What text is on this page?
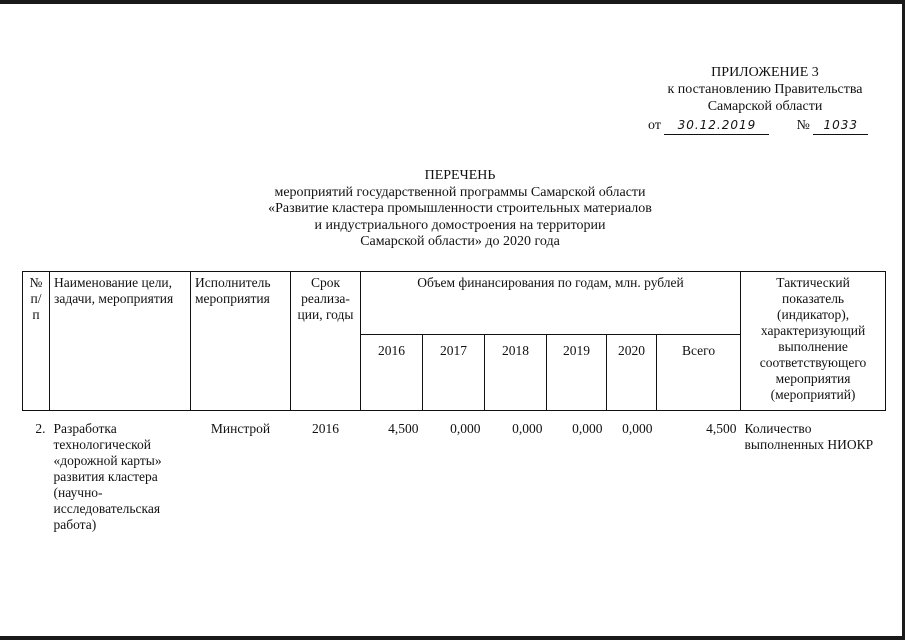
ПРИЛОЖЕНИЕ 3
к постановлению Правительства
Самарской области
от 30.12.2019	№ 1033
ПЕРЕЧЕНЬ
мероприятий государственной программы Самарской области
«Развитие кластера промышленности строительных материалов
и индустриального домостроения на территории
Самарской области» до 2020 года
№ п/п	Наименование цели, задачи, мероприятия	Исполнитель мероприятия	Срок реализа-ции, годы	Объем финансирования по годам, млн. рублей						Тактический показатель (индикатор), характеризующий выполнение соответствующего мероприятия (мероприятий)
				2016	2017	2018	2019	2020	Всего	
2.	Разработка технологической «дорожной карты» развития кластера (научно-исследовательская работа)	Минстрой	2016	4,500	0,000	0,000	0,000	0,000	4,500	Количество выполненных НИОКР
